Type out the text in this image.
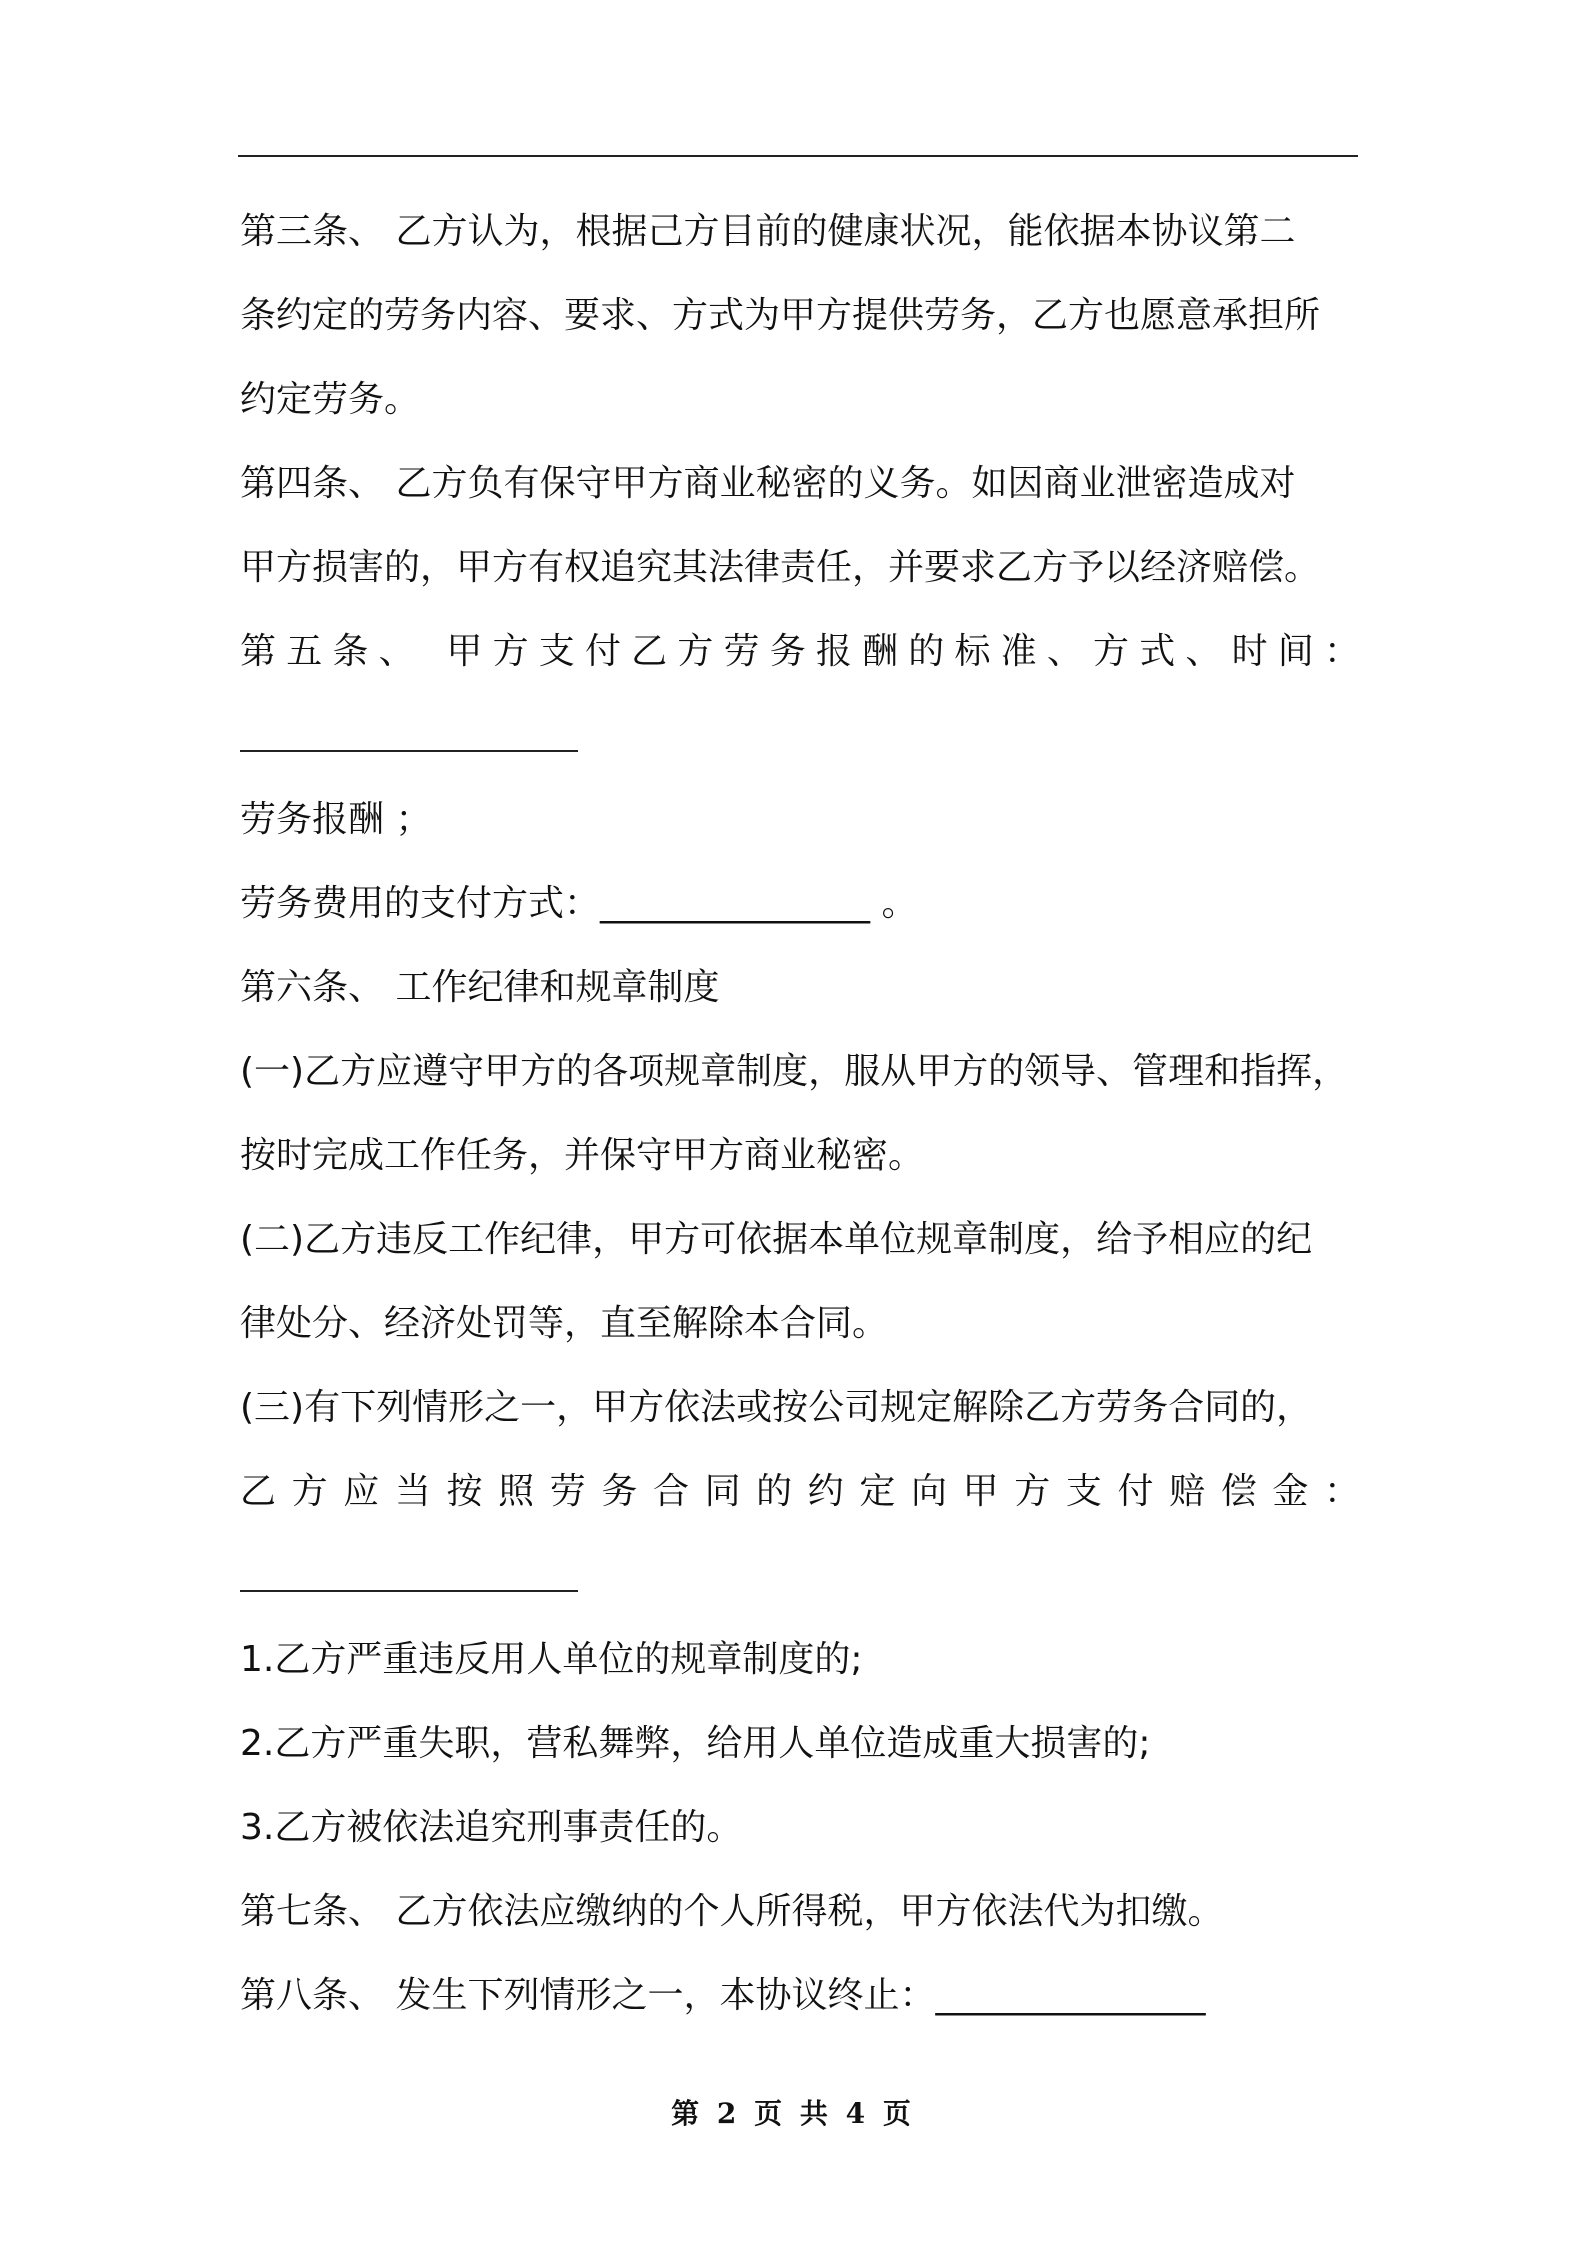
第三条、 乙方认为，根据己方目前的健康状况，能依据本协议第二
条约定的劳务内容、要求、方式为甲方提供劳务，乙方也愿意承担所
约定劳务。
第四条、 乙方负有保守甲方商业秘密的义务。如因商业泄密造成对
甲方损害的，甲方有权追究其法律责任，并要求乙方予以经济赔偿。
第五条、 甲方支付乙方劳务报酬的标准、方式、时间：
劳务报酬 ；
劳务费用的支付方式：_______________ 。
第六条、 工作纪律和规章制度
(一)乙方应遵守甲方的各项规章制度，服从甲方的领导、管理和指挥，
按时完成工作任务，并保守甲方商业秘密。
(二)乙方违反工作纪律，甲方可依据本单位规章制度，给予相应的纪
律处分、经济处罚等，直至解除本合同。
(三)有下列情形之一，甲方依法或按公司规定解除乙方劳务合同的，
乙方应当按照劳务合同的约定向甲方支付赔偿金：
1.乙方严重违反用人单位的规章制度的;
2.乙方严重失职，营私舞弊，给用人单位造成重大损害的;
3.乙方被依法追究刑事责任的。
第七条、 乙方依法应缴纳的个人所得税，甲方依法代为扣缴。
第八条、 发生下列情形之一，本协议终止：_______________
第 2 页 共 4 页
